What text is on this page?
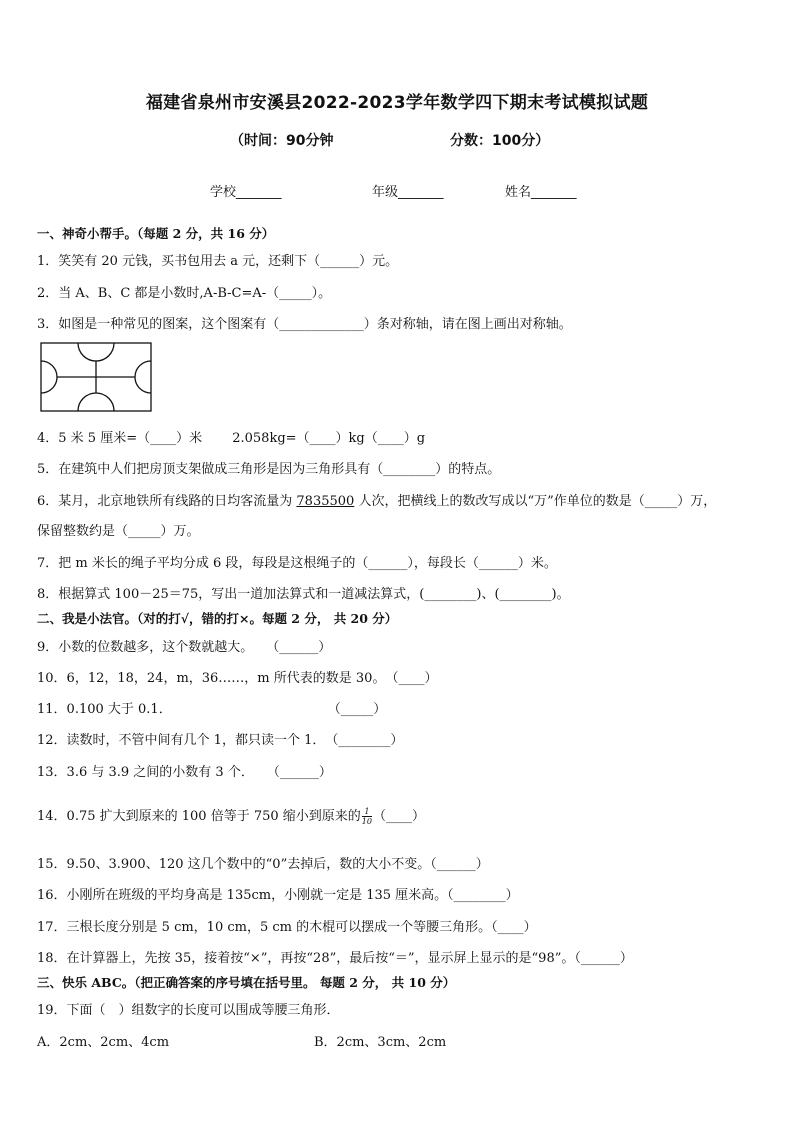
福建省泉州市安溪县2022-2023学年数学四下期末考试模拟试题
（时间：90分钟	分数：100分）
学校_______	年级_______	姓名_______
一、神奇小帮手。（每题 2 分，共 16 分）
1．笑笑有 20 元钱，买书包用去 a 元，还剩下（______）元。
2．当 A、B、C 都是小数时,A-B-C=A-（_____）。
3．如图是一种常见的图案，这个图案有（_____________）条对称轴，请在图上画出对称轴。
4．5 米 5 厘米=（____）米　　 2.058kg=（____）kg（____）g
5．在建筑中人们把房顶支架做成三角形是因为三角形具有（________）的特点。
6．某月，北京地铁所有线路的日均客流量为 7835500 人次，把横线上的数改写成以“万”作单位的数是（_____）万，
保留整数约是（_____）万。
7．把 m 米长的绳子平均分成 6 段，每段是这根绳子的（______），每段长（______）米。
8．根据算式 100－25＝75，写出一道加法算式和一道减法算式，(________)、(________)。
二、我是小法官。（对的打√，错的打×。每题 2 分， 共 20 分）
9．小数的位数越多，这个数就越大。　　（______）
10．6，12，18，24，m，36……，m 所代表的数是 30。　（____）
11．0.100 大于 0.1．　　　　　　　　　　　　　（_____）
12．读数时，不管中间有几个 1，都只读一个 1．　（________）
13．3.6 与 3.9 之间的小数有 3 个．　　（______）
14．0.75 扩大到原来的 100 倍等于 750 缩小到原来的 $\frac{1}{10}$ （____）
15．9.50、3.900、120 这几个数中的“0”去掉后，数的大小不变。（______）
16．小刚所在班级的平均身高是 135cm，小刚就一定是 135 厘米高。（________）
17．三根长度分别是 5 cm，10 cm，5 cm 的木棍可以摆成一个等腰三角形。（____）
18．在计算器上，先按 35，接着按“×”，再按“28”，最后按“＝”，显示屏上显示的是“98”。（______）
三、快乐 ABC。（把正确答案的序号填在括号里。 每题 2 分， 共 10 分）
19．下面（　）组数字的长度可以围成等腰三角形．
A．2cm、2cm、4cm	B．2cm、3cm、2cm
